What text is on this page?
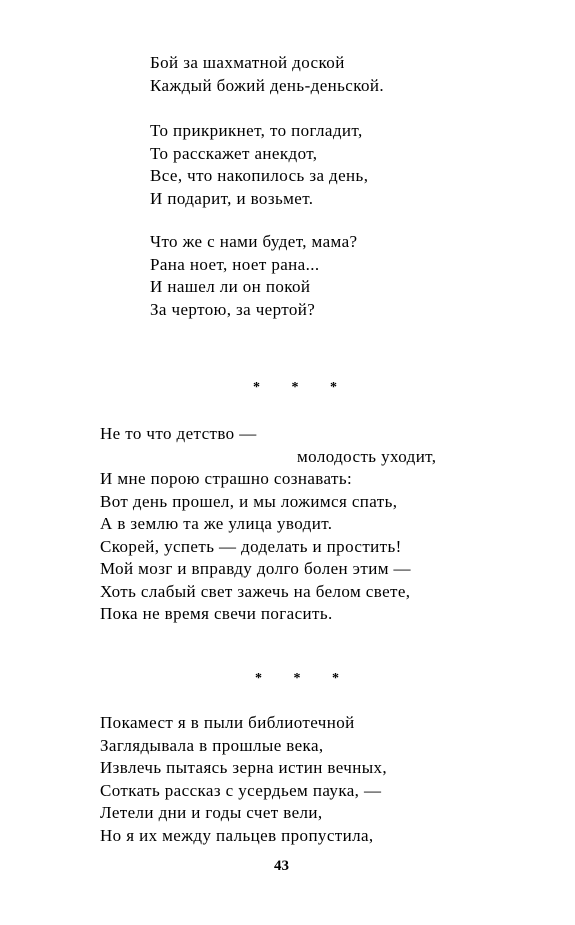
Бой за шахматной доской
Каждый божий день-деньской.
То прикрикнет, то погладит,
То расскажет анекдот,
Все, что накопилось за день,
И подарит, и возьмет.
Что же с нами будет, мама?
Рана ноет, ноет рана...
И нашел ли он покой
За чертою, за чертой?
* * *
Не то что детство —
молодость уходит,
И мне порою страшно сознавать:
Вот день прошел, и мы ложимся спать,
А в землю та же улица уводит.
Скорей, успеть — доделать и простить!
Мой мозг и вправду долго болен этим —
Хоть слабый свет зажечь на белом свете,
Пока не время свечи погасить.
* * *
Покамест я в пыли библиотечной
Заглядывала в прошлые века,
Извлечь пытаясь зерна истин вечных,
Соткать рассказ с усердьем паука, —
Летели дни и годы счет вели,
Но я их между пальцев пропустила,
43
